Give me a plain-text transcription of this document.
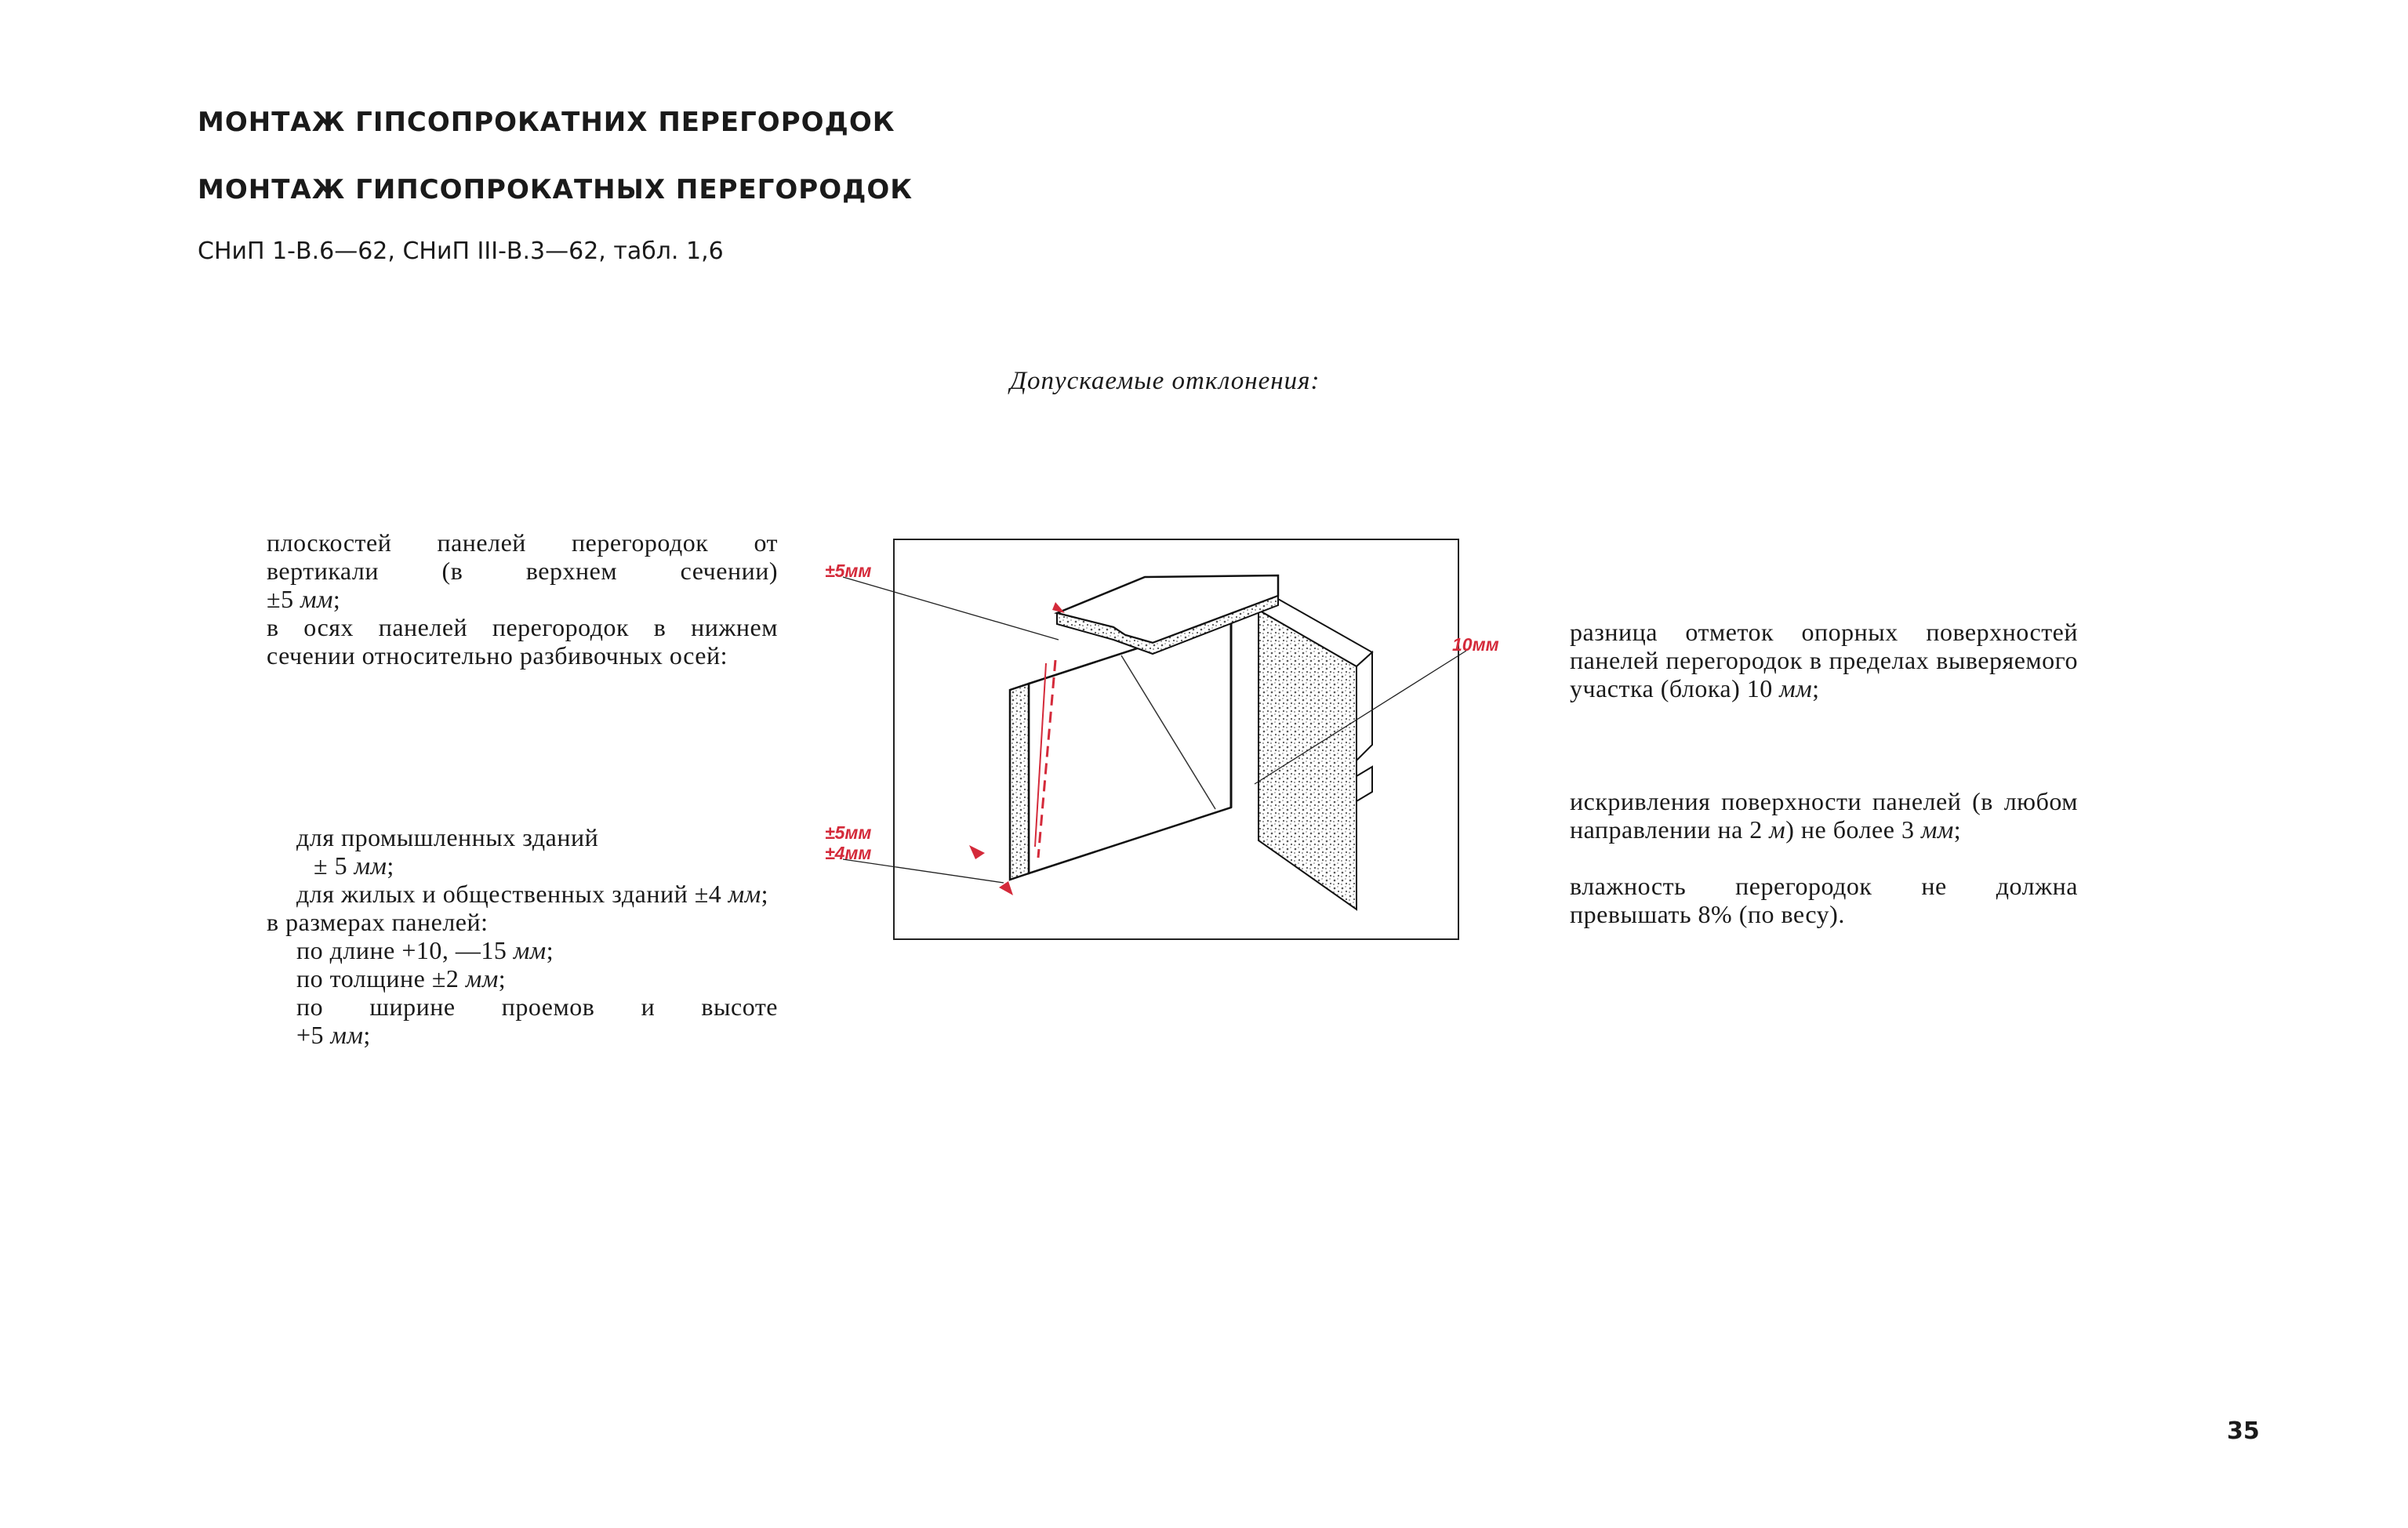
МОНТАЖ ГІПСОПРОКАТНИХ ПЕРЕГОРОДОК
МОНТАЖ ГИПСОПРОКАТНЫХ ПЕРЕГОРОДОК
СНиП 1-В.6—62, СНиП III-В.3—62, табл. 1,6
Допускаемые отклонения:

плоскостей панелей перегородок от вертикали (в верхнем сечении)

±5 мм;

в осях панелей перегородок в нижнем сечении относительно разбивочных осей:

для промышленных зданий

± 5 мм;

для жилых и общественных зданий ±4 мм;

в размерах панелей:

по длине +10, —15 мм;

по толщине ±2 мм;

по ширине проемов и высоте

+5 мм;

разница отметок опорных поверхностей панелей перегородок в пределах выверяемого участка (блока) 10 мм;

искривления поверхности панелей (в любом направлении на 2 м) не более 3 мм;

влажность перегородок не должна превышать 8% (по весу).

±5мм
±5мм
±4мм
10мм
35
